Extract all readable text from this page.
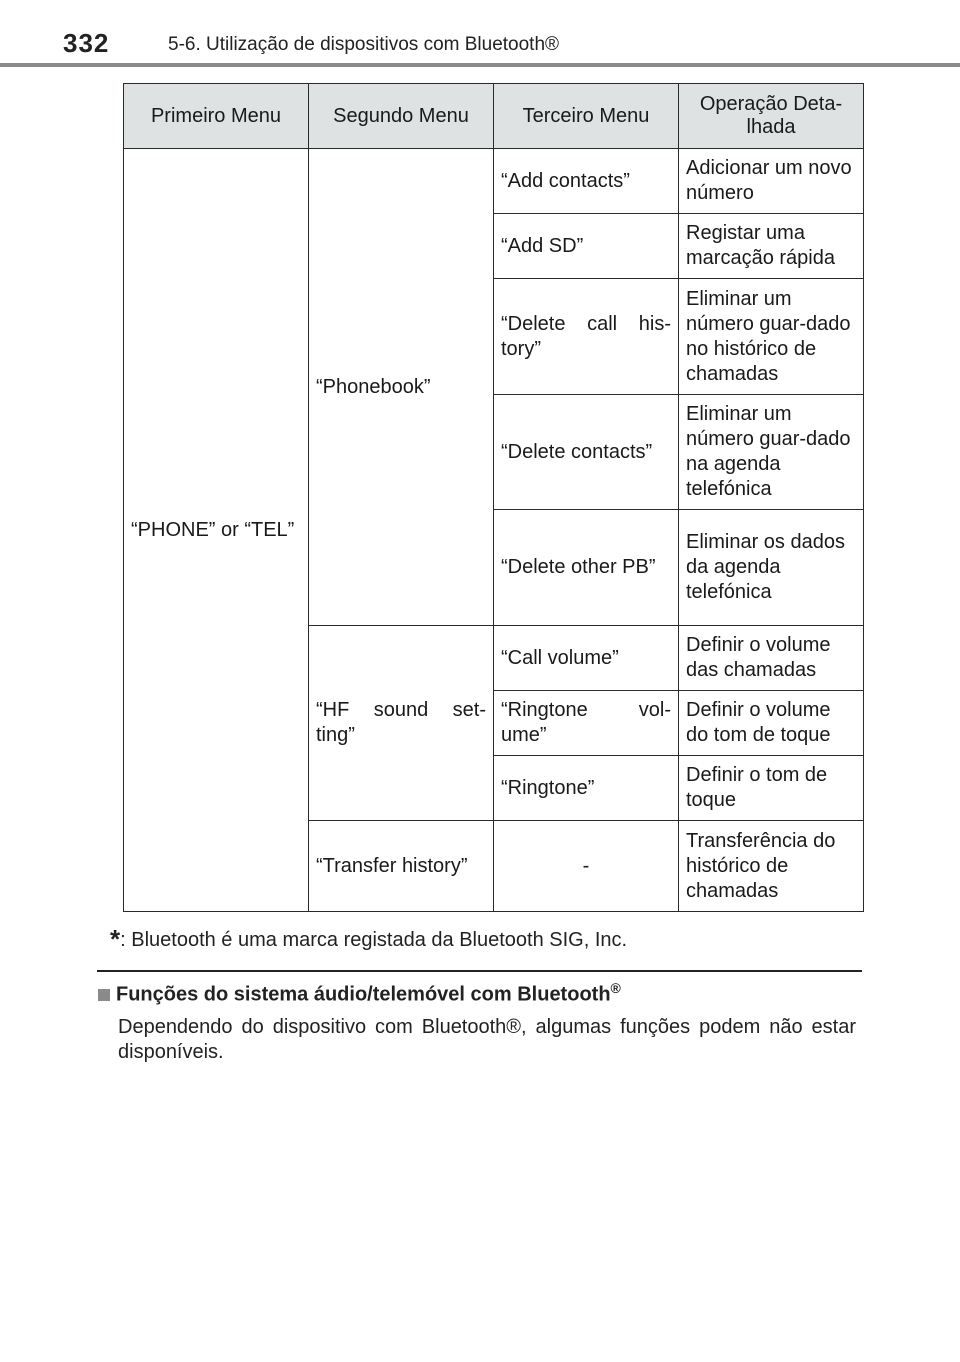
332	5-6. Utilização de dispositivos com Bluetooth®
Primeiro Menu	Segundo Menu	Terceiro Menu	Operação Deta-lhada
“PHONE” or “TEL”	“Phonebook”	“Add contacts”	Adicionar um novo número
		“Add SD”	Registar uma marcação rápida
		“Delete call his-tory”	Eliminar um número guar-dado no histórico de chamadas
		“Delete contacts”	Eliminar um número guar-dado na agenda telefónica
		“Delete other PB”	Eliminar os dados da agenda telefónica
	“HF sound set-ting”	“Call volume”	Definir o volume das chamadas
		“Ringtone vol-ume”	Definir o volume do tom de toque
		“Ringtone”	Definir o tom de toque
	“Transfer history”	-	Transferência do histórico de chamadas
*: Bluetooth é uma marca registada da Bluetooth SIG, Inc.
Funções do sistema áudio/telemóvel com Bluetooth®
Dependendo do dispositivo com Bluetooth®, algumas funções podem não estar disponíveis.
